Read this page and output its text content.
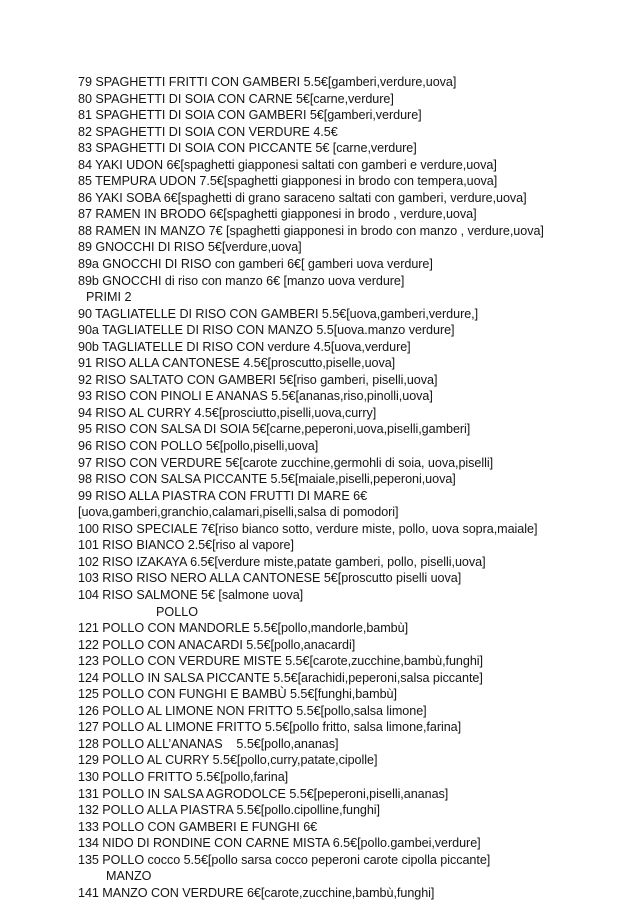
79 SPAGHETTI FRITTI CON GAMBERI 5.5€[gamberi,verdure,uova]
80 SPAGHETTI DI SOIA CON CARNE 5€[carne,verdure]
81 SPAGHETTI DI SOIA CON GAMBERI 5€[gamberi,verdure]
82 SPAGHETTI DI SOIA CON VERDURE 4.5€
83 SPAGHETTI DI SOIA CON PICCANTE 5€ [carne,verdure]
84 YAKI UDON 6€[spaghetti giapponesi saltati con gamberi e verdure,uova]
85 TEMPURA UDON 7.5€[spaghetti giapponesi in brodo con tempera,uova]
86 YAKI SOBA 6€[spaghetti di grano saraceno saltati con gamberi, verdure,uova]
87 RAMEN IN BRODO 6€[spaghetti giapponesi in brodo , verdure,uova]
88 RAMEN IN MANZO 7€ [spaghetti giapponesi in brodo con manzo , verdure,uova]
89 GNOCCHI DI RISO 5€[verdure,uova]
89a GNOCCHI DI RISO con gamberi 6€[ gamberi uova verdure]
89b GNOCCHI di riso con manzo 6€ [manzo uova verdure]
PRIMI 2
90 TAGLIATELLE DI RISO CON GAMBERI 5.5€[uova,gamberi,verdure,]
90a TAGLIATELLE DI RISO CON MANZO 5.5[uova.manzo verdure]
90b TAGLIATELLE DI RISO CON verdure 4.5[uova,verdure]
91 RISO ALLA CANTONESE 4.5€[proscutto,piselle,uova]
92 RISO SALTATO CON GAMBERI 5€[riso gamberi, piselli,uova]
93 RISO CON PINOLI E ANANAS 5.5€[ananas,riso,pinolli,uova]
94 RISO AL CURRY 4.5€[prosciutto,piselli,uova,curry]
95 RISO CON SALSA DI SOIA 5€[carne,peperoni,uova,piselli,gamberi]
96 RISO CON POLLO 5€[pollo,piselli,uova]
97 RISO CON VERDURE 5€[carote zucchine,germohli di soia, uova,piselli]
98 RISO CON SALSA PICCANTE 5.5€[maiale,piselli,peperoni,uova]
99 RISO ALLA PIASTRA CON FRUTTI DI MARE 6€
[uova,gamberi,granchio,calamari,piselli,salsa di pomodori]
100 RISO SPECIALE 7€[riso bianco sotto, verdure miste, pollo, uova sopra,maiale]
101 RISO BIANCO 2.5€[riso al vapore]
102 RISO IZAKAYA 6.5€[verdure miste,patate gamberi, pollo, piselli,uova]
103 RISO RISO NERO ALLA CANTONESE 5€[proscutto piselli uova]
104 RISO SALMONE 5€ [salmone uova]
POLLO
121 POLLO CON MANDORLE 5.5€[pollo,mandorle,bambù]
122 POLLO CON ANACARDI 5.5€[pollo,anacardi]
123 POLLO CON VERDURE MISTE 5.5€[carote,zucchine,bambù,funghi]
124 POLLO IN SALSA PICCANTE 5.5€[arachidi,peperoni,salsa piccante]
125 POLLO CON FUNGHI E BAMBÙ 5.5€[funghi,bambù]
126 POLLO AL LIMONE NON FRITTO 5.5€[pollo,salsa limone]
127 POLLO AL LIMONE FRITTO 5.5€[pollo fritto, salsa limone,farina]
128 POLLO ALL’ANANAS    5.5€[pollo,ananas]
129 POLLO AL CURRY 5.5€[pollo,curry,patate,cipolle]
130 POLLO FRITTO 5.5€[pollo,farina]
131 POLLO IN SALSA AGRODOLCE 5.5€[peperoni,piselli,ananas]
132 POLLO ALLA PIASTRA 5.5€[pollo.cipolline,funghi]
133 POLLO CON GAMBERI E FUNGHI 6€
134 NIDO DI RONDINE CON CARNE MISTA 6.5€[pollo.gambei,verdure]
135 POLLO cocco 5.5€[pollo sarsa cocco peperoni carote cipolla piccante]
MANZO
141 MANZO CON VERDURE 6€[carote,zucchine,bambù,funghi]
